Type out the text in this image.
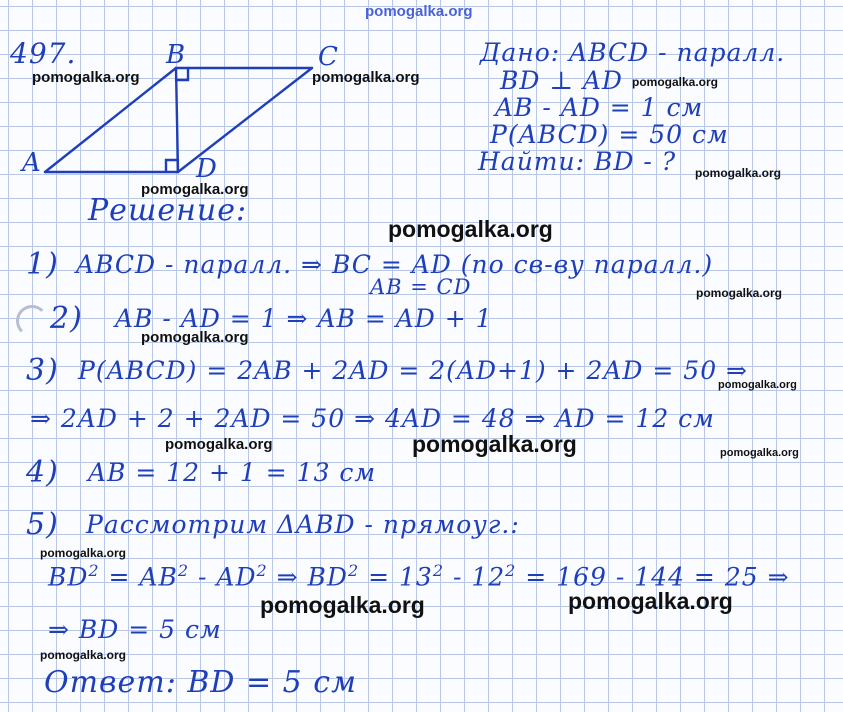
A

B	C

D

497.	Дано: ABCD - паралл.

BD ⊥ AD

AB - AD = 1 см

P(ABCD) = 50 см

Найти: BD - ?

Решение:

1) ABCD - паралл. ⇒ BC = AD (по св-ву паралл.)

AB = CD

2) AB - AD = 1 ⇒ AB = AD + 1

3) P(ABCD) = 2AB + 2AD = 2(AD+1) + 2AD = 50 ⇒

⇒ 2AD + 2 + 2AD = 50 ⇒ 4AD = 48 ⇒ AD = 12 см

4) AB = 12 + 1 = 13 см

5) Рассмотрим ΔABD - прямоуг.:

$BD^2 = AB^2 - AD^2$ ⇒ $BD^2 = 13^2 - 12^2 = 169 - 144 = 25$ ⇒

⇒ BD = 5 см

Ответ: BD = 5 см

pomogalka.org

pomogalka.org	pomogalka.org	pomogalka.org

pomogalka.org

pomogalka.org

pomogalka.org

pomogalka.org

pomogalka.org

pomogalka.org

pomogalka.org	pomogalka.org	pomogalka.org

pomogalka.org

pomogalka.org	pomogalka.org

pomogalka.org
